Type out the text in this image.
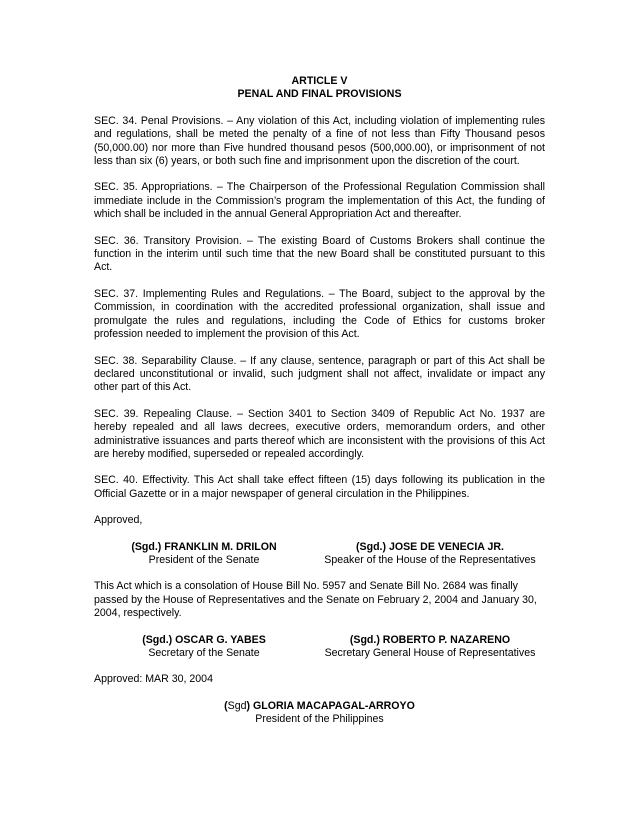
ARTICLE V
PENAL AND FINAL PROVISIONS

SEC. 34. Penal Provisions. – Any violation of this Act, including violation of implementing rules and regulations, shall be meted the penalty of a fine of not less than Fifty Thousand pesos (50,000.00) nor more than Five hundred thousand pesos (500,000.00), or imprisonment of not less than six (6) years, or both such fine and imprisonment upon the discretion of the court.

SEC. 35. Appropriations. – The Chairperson of the Professional Regulation Commission shall immediate include in the Commission’s program the implementation of this Act, the funding of which shall be included in the annual General Appropriation Act and thereafter.

SEC. 36. Transitory Provision. – The existing Board of Customs Brokers shall continue the function in the interim until such time that the new Board shall be constituted pursuant to this Act.

SEC. 37. Implementing Rules and Regulations. – The Board, subject to the approval by the Commission, in coordination with the accredited professional organization, shall issue and promulgate the rules and regulations, including the Code of Ethics for customs broker profession needed to implement the provision of this Act.

SEC. 38. Separability Clause. – If any clause, sentence, paragraph or part of this Act shall be declared unconstitutional or invalid, such judgment shall not affect, invalidate or impact any other part of this Act.

SEC. 39. Repealing Clause. – Section 3401 to Section 3409 of Republic Act No. 1937 are hereby repealed and all laws decrees, executive orders, memorandum orders, and other administrative issuances and parts thereof which are inconsistent with the provisions of this Act are hereby modified, superseded or repealed accordingly.

SEC. 40. Effectivity. This Act shall take effect fifteen (15) days following its publication in the Official Gazette or in a major newspaper of general circulation in the Philippines.

Approved,

(Sgd.) FRANKLIN M. DRILON
President of the Senate
(Sgd.) JOSE DE VENECIA JR.
Speaker of the House of the Representatives

This Act which is a consolation of House Bill No. 5957 and Senate Bill No. 2684 was finally passed by the House of Representatives and the Senate on February 2, 2004 and January 30, 2004, respectively.

(Sgd.) OSCAR G. YABES
Secretary of the Senate
(Sgd.) ROBERTO P. NAZARENO
Secretary General House of Representatives

Approved: MAR 30, 2004

(Sgd) GLORIA MACAPAGAL-ARROYO
President of the Philippines
